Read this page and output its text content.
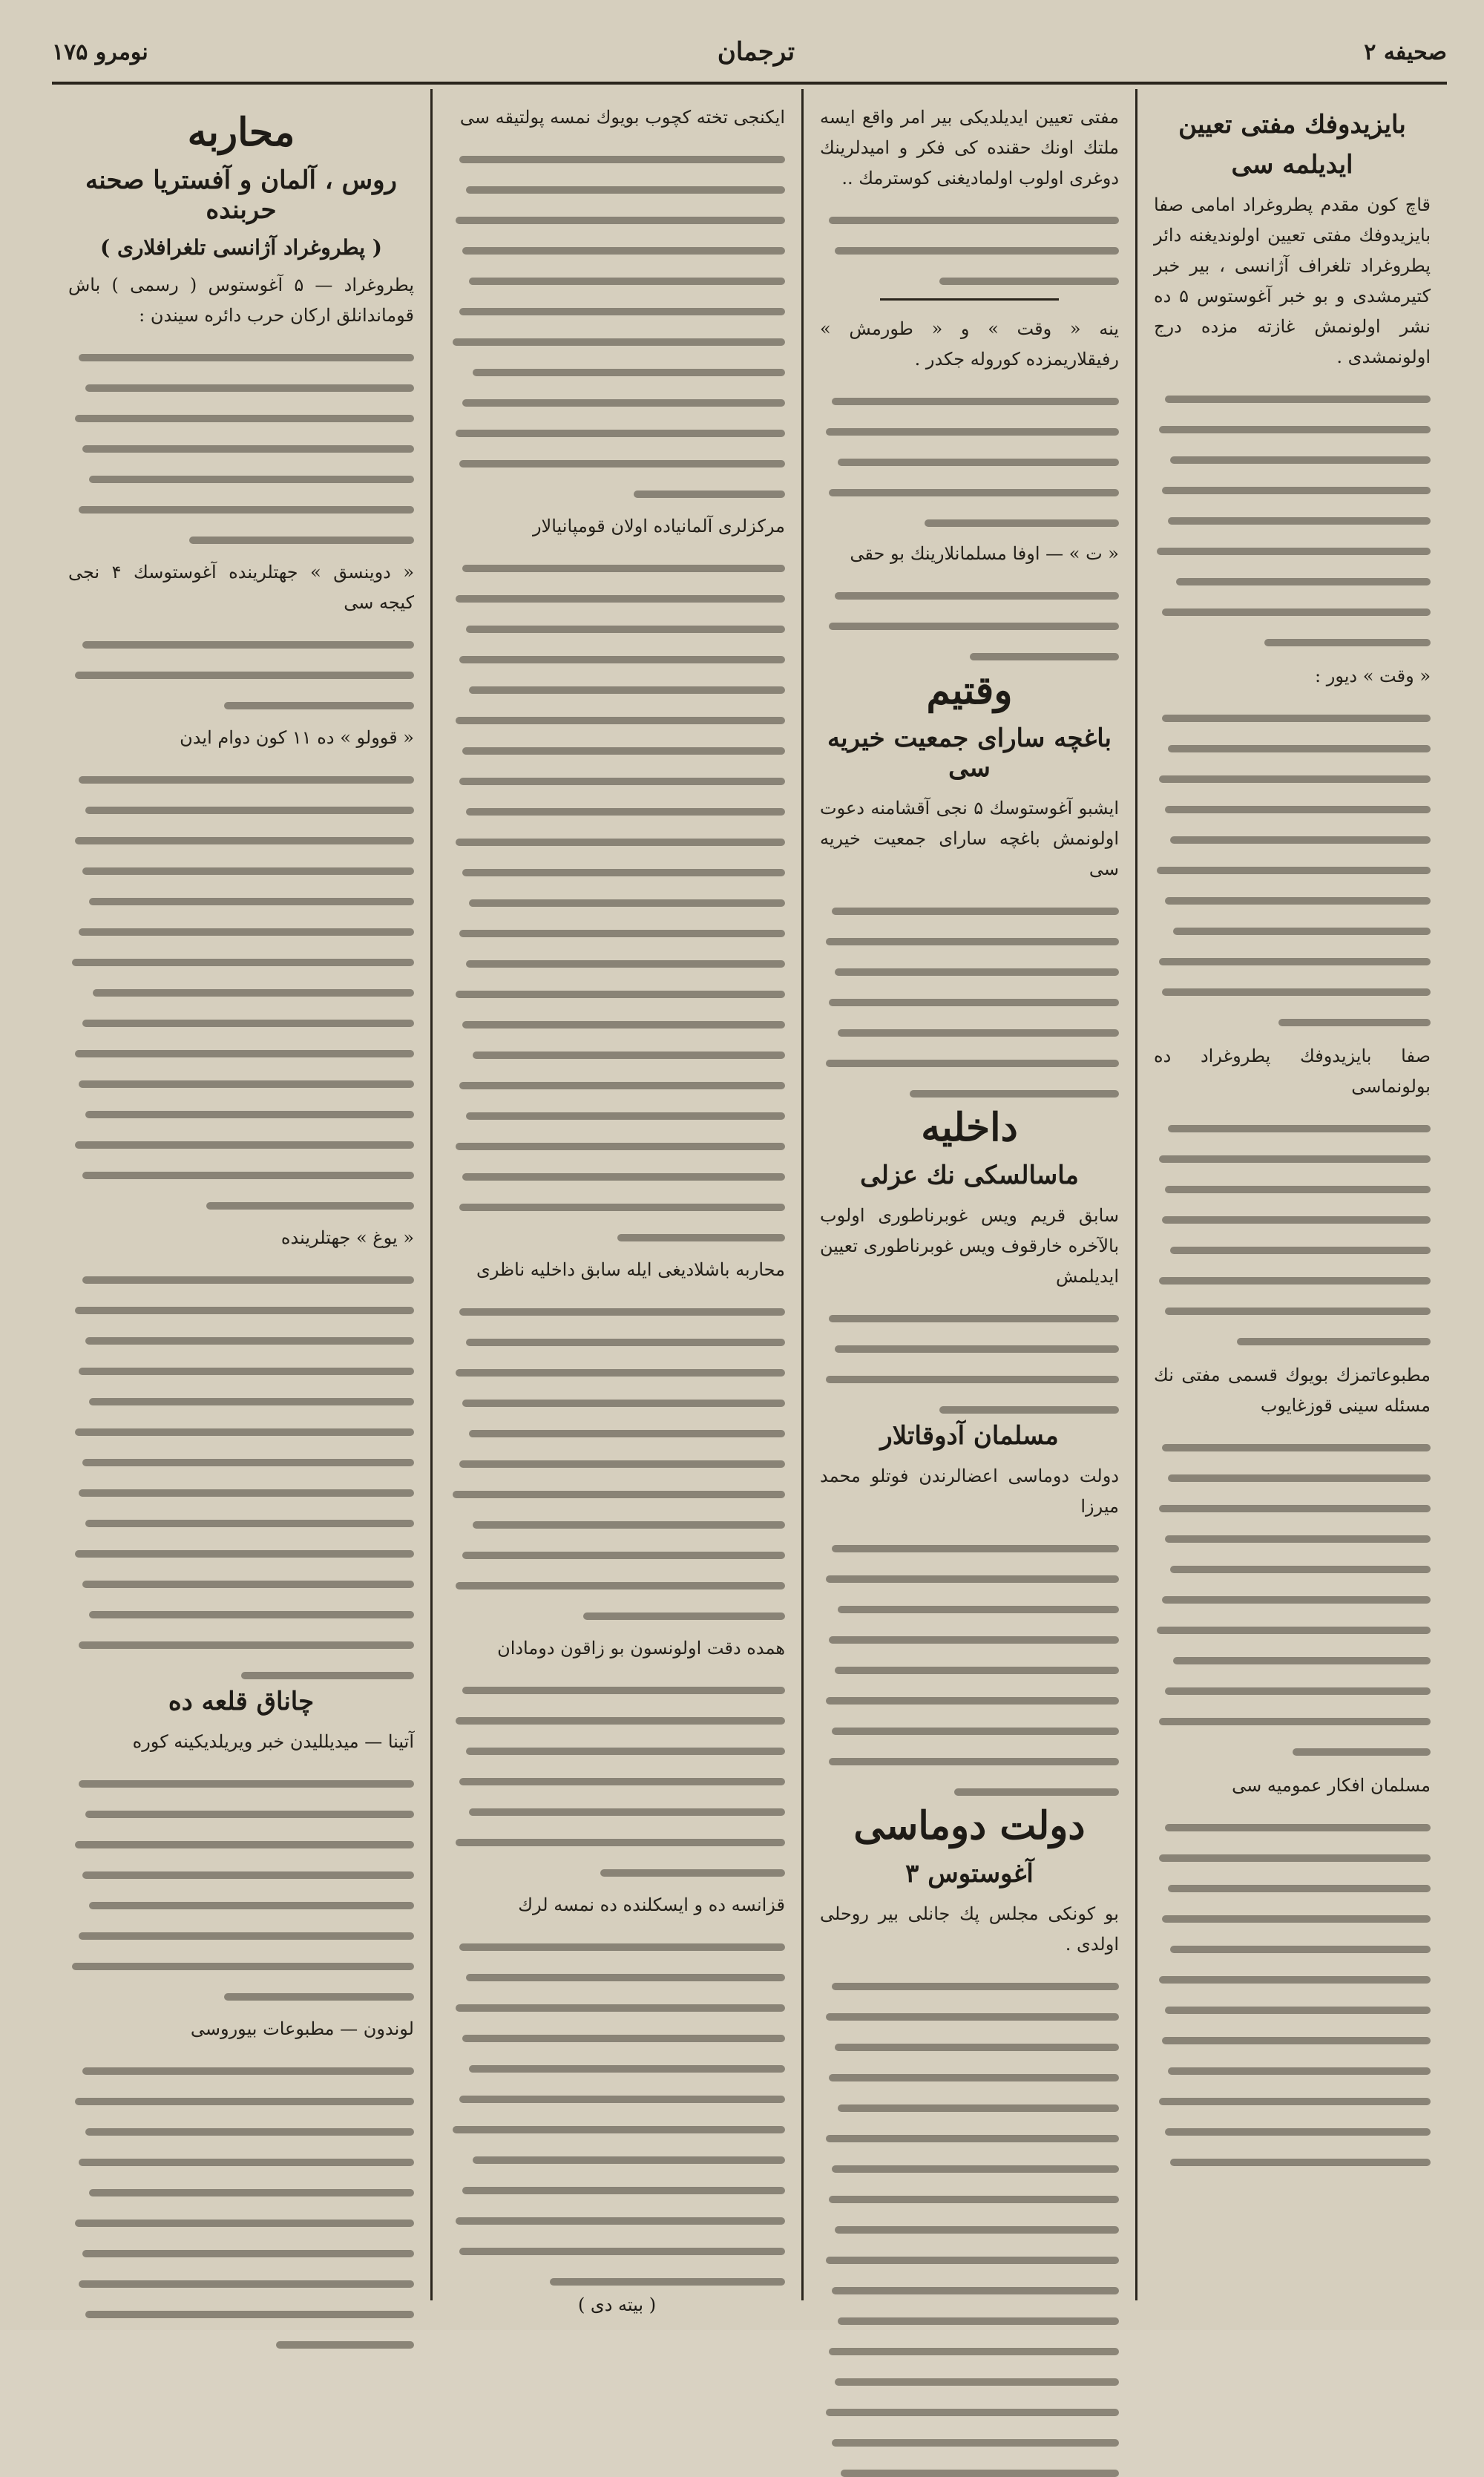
صحیفه ۲
ترجمان
نومرو ۱۷۵
بایزیدوفك مفتی تعیین
ایدیلمه سی
قاچ کون مقدم پطروغراد امامی صفا بایزیدوفك مفتی تعیین اولوندیغنه دائر پطروغراد تلغراف آژانسی ، بیر خبر کتیرمشدی و بو خبر آغوستوس ۵ ده نشر اولونمش غازته مزده درج اولونمشدی .
« وقت » دیور :
صفا بایزیدوفك پطروغراد ده بولونماسی
مطبوعاتمزك بویوك قسمی مفتی نك مسئله سینی قوزغایوب
مسلمان افکار عمومیه سی
مفتی تعیین ایدیلدیکی بیر امر واقع ایسه ملتك اونك حقنده کی فکر و امیدلرینك دوغری اولوب اولمادیغنی کوسترمك ..
ینه « وقت » و « طورمش » رفیقلاریمزده کوروله جکدر .
« ت » — اوفا مسلمانلارینك بو حقی
وقتیم
باغچه سارای جمعیت خیریه سی
ایشبو آغوستوسك ۵ نجی آقشامنه دعوت اولونمش باغچه سارای جمعیت خیریه سی
داخلیه
ماسالسکی نك عزلی
سابق قریم ویس غوبرناطوری اولوب بالآخره خارقوف ویس غوبرناطوری تعیین ایدیلمش
مسلمان آدوقاتلار
دولت دوماسی اعضالرندن فوتلو محمد میرزا
دولت دوماسی
آغوستوس ۳
بو کونکی مجلس پك جانلی بیر روحلی اولدی .
ایکنجی تخته کچوب بویوك نمسه پولتیقه سی
مرکزلری آلمانیاده اولان قومپانیالار
محاربه باشلادیغی ایله سابق داخلیه ناظری
همده دقت اولونسون بو زاقون دومادان
قزانسه ده و ایسکلنده ده نمسه لرك
( بیته دی )
محاربه
روس ، آلمان و آفستریا صحنه حربنده
( پطروغراد آژانسی تلغرافلاری )
پطروغراد — ۵ آغوستوس ( رسمی ) باش قوماندانلق ارکان حرب دائره سیندن :
« دوینسق » جهتلرینده آغوستوسك ۴ نجی کیجه سی
« قوولو » ده ۱۱ کون دوام ایدن
« یوغ » جهتلرینده
چاناق قلعه ده
آتینا — میدیللیدن خبر ویریلدیکینه کوره
لوندون — مطبوعات بیوروسی
